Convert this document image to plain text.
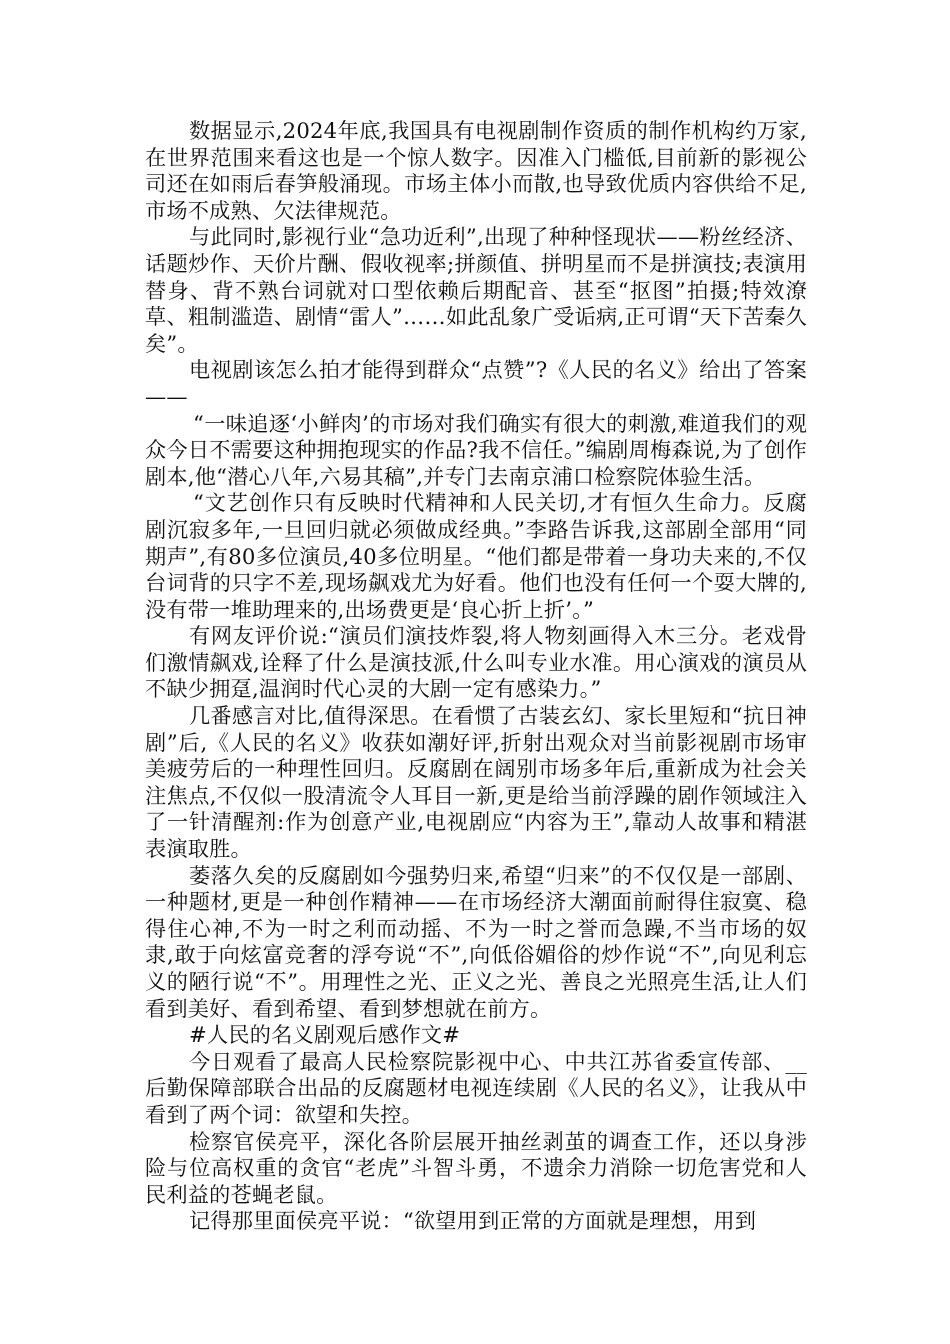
数据显示,2024年底,我国具有电视剧制作资质的制作机构约万家,在世界范围来看这也是一个惊人数字。因准入门槛低,目前新的影视公司还在如雨后春笋般涌现。市场主体小而散,也导致优质内容供给不足,市场不成熟、欠法律规范。

与此同时,影视行业“急功近利”,出现了种种怪现状——粉丝经济、话题炒作、天价片酬、假收视率;拼颜值、拼明星而不是拼演技;表演用替身、背不熟台词就对口型依赖后期配音、甚至“抠图”拍摄;特效潦草、粗制滥造、剧情“雷人”……如此乱象广受诟病,正可谓“天下苦秦久矣”。

电视剧该怎么拍才能得到群众“点赞”?《人民的名义》给出了答案——

“一味追逐‘小鲜肉’的市场对我们确实有很大的刺激,难道我们的观众今日不需要这种拥抱现实的作品?我不信任。”编剧周梅森说,为了创作剧本,他“潜心八年,六易其稿”,并专门去南京浦口检察院体验生活。

“文艺创作只有反映时代精神和人民关切,才有恒久生命力。反腐剧沉寂多年,一旦回归就必须做成经典。”李路告诉我,这部剧全部用“同期声”,有80多位演员,40多位明星。“他们都是带着一身功夫来的,不仅台词背的只字不差,现场飙戏尤为好看。他们也没有任何一个耍大牌的,没有带一堆助理来的,出场费更是‘良心折上折’。”

有网友评价说:“演员们演技炸裂,将人物刻画得入木三分。老戏骨们激情飙戏,诠释了什么是演技派,什么叫专业水准。用心演戏的演员从不缺少拥趸,温润时代心灵的大剧一定有感染力。”

几番感言对比,值得深思。在看惯了古装玄幻、家长里短和“抗日神剧”后,《人民的名义》收获如潮好评,折射出观众对当前影视剧市场审美疲劳后的一种理性回归。反腐剧在阔别市场多年后,重新成为社会关注焦点,不仅似一股清流令人耳目一新,更是给当前浮躁的剧作领域注入了一针清醒剂:作为创意产业,电视剧应“内容为王”,靠动人故事和精湛表演取胜。

萎落久矣的反腐剧如今强势归来,希望“归来”的不仅仅是一部剧、一种题材,更是一种创作精神——在市场经济大潮面前耐得住寂寞、稳得住心神,不为一时之利而动摇、不为一时之誉而急躁,不当市场的奴隶,敢于向炫富竞奢的浮夸说“不”,向低俗媚俗的炒作说“不”,向见利忘义的陋行说“不”。用理性之光、正义之光、善良之光照亮生活,让人们看到美好、看到希望、看到梦想就在前方。

#人民的名义剧观后感作文#

今日观看了最高人民检察院影视中心、中共江苏省委宣传部、__后勤保障部联合出品的反腐题材电视连续剧《人民的名义》，让我从中看到了两个词：欲望和失控。

检察官侯亮平，深化各阶层展开抽丝剥茧的调查工作，还以身涉险与位高权重的贪官“老虎”斗智斗勇，不遗余力消除一切危害党和人民利益的苍蝇老鼠。

记得那里面侯亮平说：“欲望用到正常的方面就是理想，用到
